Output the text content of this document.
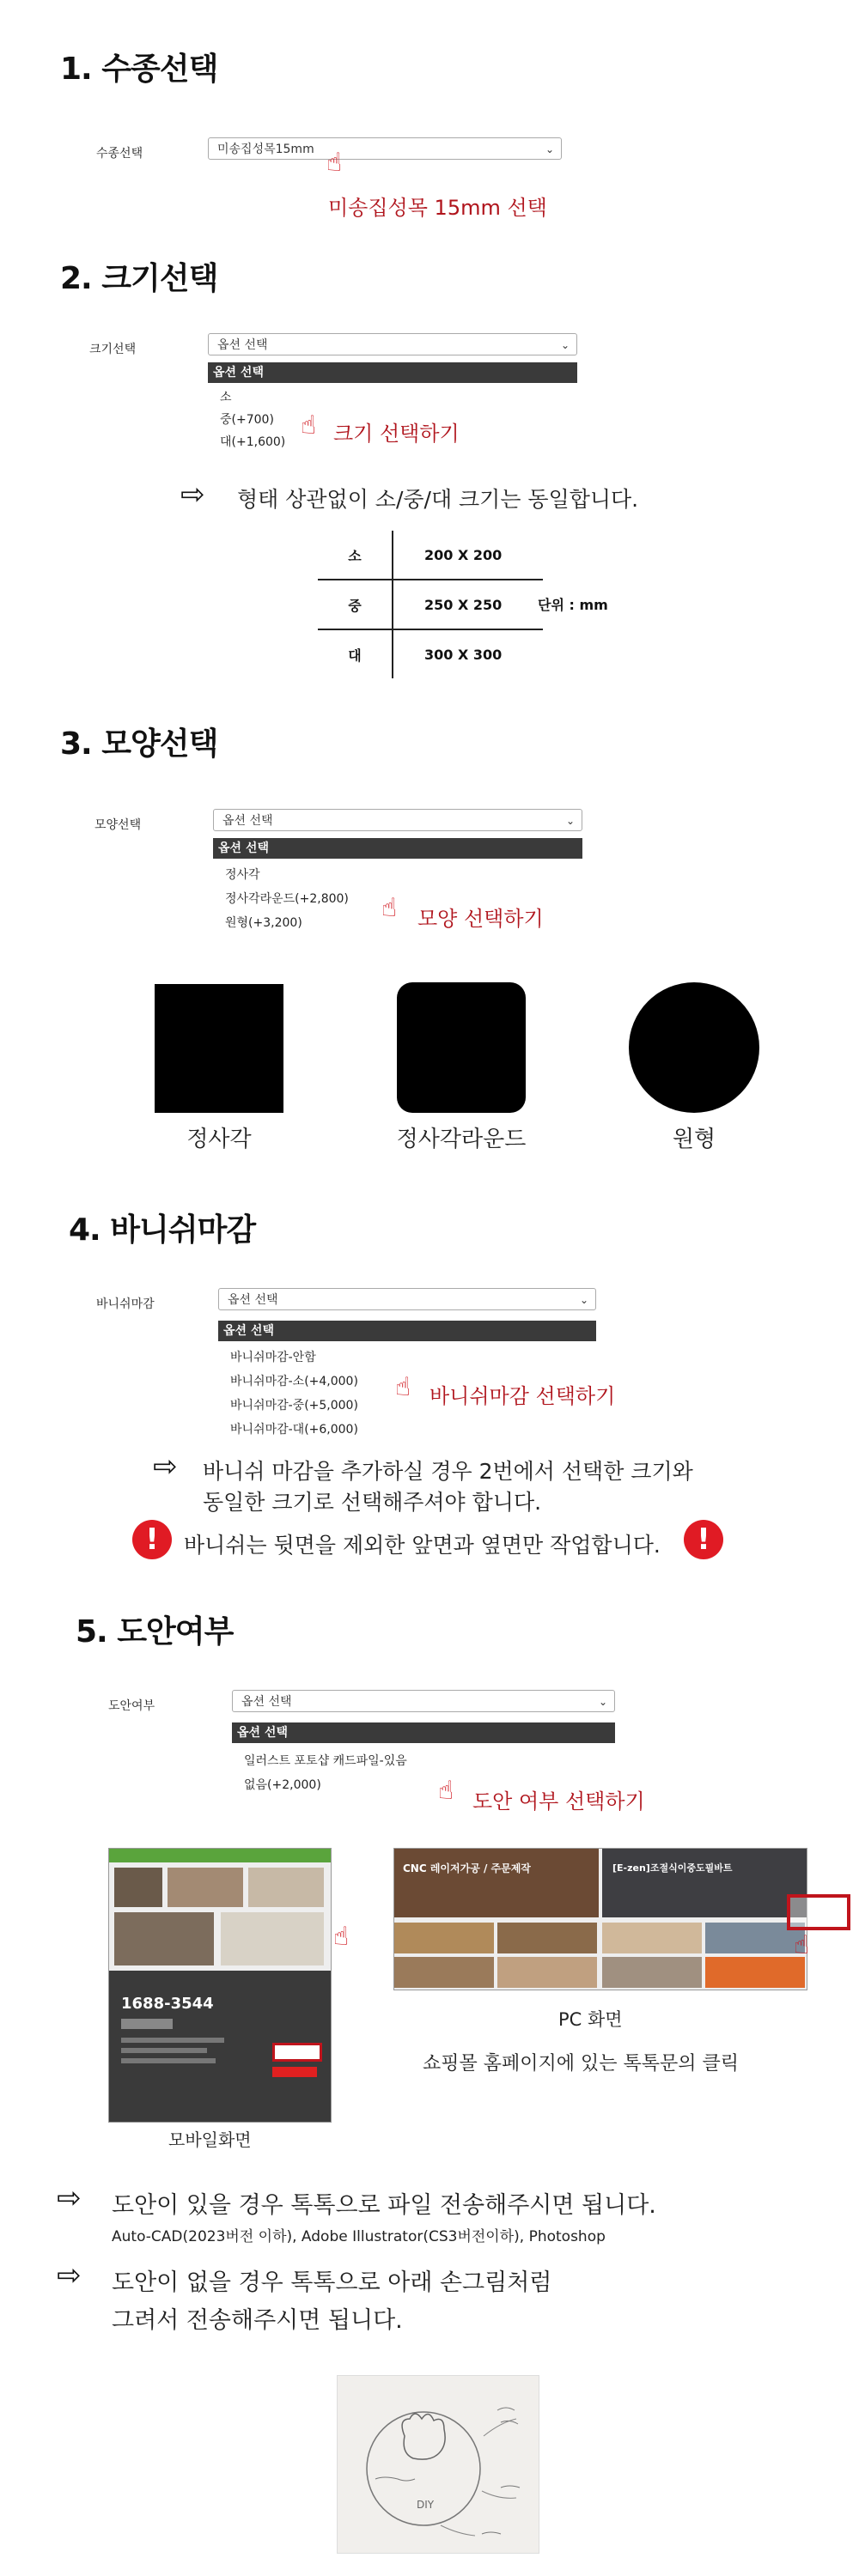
1. 수종선택
수종선택	미송집성목15mm	⌄
☝
미송집성목 15mm 선택
2. 크기선택
크기선택	옵션 선택	⌄
옵션 선택
소
중(+700)
대(+1,600)
☝ 크기 선택하기
⇨ 형태 상관없이 소/중/대 크기는 동일합니다.
소	200 X 200
중	250 X 250
대	300 X 300
단위 : mm
3. 모양선택
모양선택	옵션 선택	⌄
옵션 선택
정사각
정사각라운드(+2,800)
원형(+3,200)	☝ 모양 선택하기
정사각	정사각라운드	원형
4. 바니쉬마감
바니쉬마감	옵션 선택	⌄
옵션 선택
바니쉬마감-안함
바니쉬마감-소(+4,000)
바니쉬마감-중(+5,000)
바니쉬마감-대(+6,000)
☝ 바니쉬마감 선택하기
⇨ 바니쉬 마감을 추가하실 경우 2번에서 선택한 크기와
동일한 크기로 선택해주셔야 합니다.
!	바니쉬는 뒷면을 제외한 앞면과 옆면만 작업합니다.	!
5. 도안여부
도안여부	옵션 선택	⌄
옵션 선택
일러스트 포토샵 캐드파일-있음
없음(+2,000)	☝ 도안 여부 선택하기
1688-3544
☝
모바일화면
CNC 레이저가공 / 주문제작	[E-zen]조절식이중도필바트
☝
PC 화면
쇼핑몰 홈페이지에 있는 톡톡문의 클릭
⇨ 도안이 있을 경우 톡톡으로 파일 전송해주시면 됩니다.
Auto-CAD(2023버전 이하), Adobe Illustrator(CS3버전이하), Photoshop
⇨ 도안이 없을 경우 톡톡으로 아래 손그림처럼
그려서 전송해주시면 됩니다.
DIY
